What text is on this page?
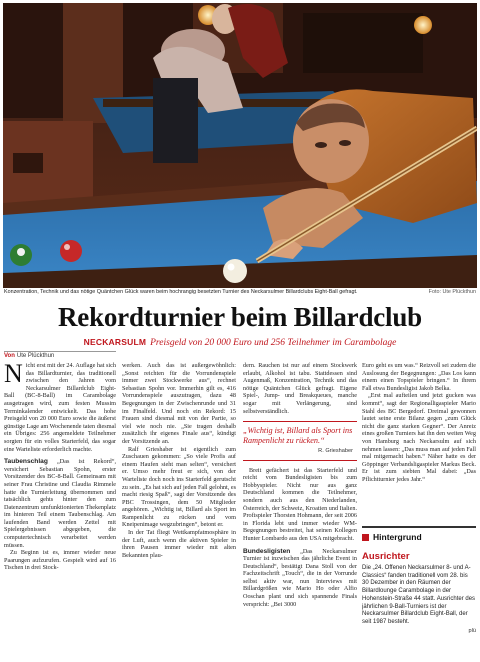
Konzentration, Technik und das nötige Quäntchen Glück waren beim hochrangig besetzten Turnier des Neckarsulmer Billardclubs Eight-Ball gefragt.	Foto: Ute Plückthun
Rekordturnier beim Billardclub
NECKARSULM Preisgeld von 20 000 Euro und 256 Teilnehmer im Carambolage
Von Ute Plückthun

Nicht erst mit der 24. Auflage hat sich das Billardturnier, das traditionell zwischen den Jahren vom Neckarsulmer Billardclub Eight-Ball (BC-8-Ball) im Carambolage ausgetragen wird, zum festen Mussim Terminkalender entwickelt. Das hohe Preisgeld von 20 000 Euro sowie die äußerst günstige Lage am Wochenende taten diesmal ein Übriges: 256 angemeldete Teilnehmer sorgten für ein volles Starterfeld, das sogar eine Warteliste erforderlich machte.

Taubenschlag „Das ist Rekord“, versichert Sebastian Spohn, erster Vorsitzender des BC-8-Ball. Gemeinsam mit seiner Frau Christine und Claudia Rimmele hatte die Turnierleitung übernommen und tatsächlich gehts hinter den zum Datenzentrum umfunktionierten Thekenplatz im hinteren Teil einem Taubenschlag. Am laufenden Band werden Zettel mit Spielergebnissen abgegeben, die computertechnisch verarbeitet werden müssen.

Zu Beginn ist es, immer wieder neue Paarungen aufzurufen. Gespielt wird auf 16 Tischen in drei Stock-

werken. Auch das ist außergewöhnlich: „Sonst reichten für die Vorrundenspiele immer zwei Stockwerke aus“, rechnet Sebastian Spohn vor. Immerhin gilt es, 416 Vorrundenspiele auszutragen, dazu 48 Begegnungen in der Zwischenrunde und 31 im Finalfeld. Und noch ein Rekord: 15 Frauen sind diesmal mit von der Partie, so viel wie noch nie. „Sie tragen deshalb zusätzlich ihr eigenes Finale aus“, kündigt der Vorsitzende an.

Ralf Grieshaber ist eigentlich zum Zuschauen gekommen: „So viele Profis auf einem Haufen sieht man selten“, versichert er. Umso mehr freut er sich, von der Warteliste doch noch ins Starterfeld gerutscht zu sein. „Es hat sich auf jeden Fall gelohnt, es macht riesig Spaß“, sagt der Vorsitzende des PBC Trossingen, dem 50 Mitglieder angehören. „Wichtig ist, Billard als Sport im Rampenlicht zu rücken und vom Kneipenimage wegzubringen“, betont er.

In der Tat fliegt Wettkampfatmosphäre in der Luft, auch wenn die aktiven Spieler in ihren Pausen immer wieder mit alten Bekannten plau-

dern. Rauchen ist nur auf einem Stockwerk erlaubt, Alkohol ist tabu. Stattdessen sind Augenmaß, Konzentration, Technik und das nötige Quäntchen Glück gefragt. Eigene Spiel-, Jump- und Breakqueues, manche sogar mit Verlängerung, sind selbstverständlich.

„Wichtig ist, Billard als Sport ins Rampenlicht zu rücken.“
R. Grieshaber

Breit gefächert ist das Starterfeld und reicht vom Bundesligisten bis zum Hobbyspieler. Nicht nur aus ganz Deutschland kommen die Teilnehmer, sondern auch aus den Niederlanden, Österreich, der Schweiz, Kroatien und Italien. Profispieler Thorsten Hohmann, der seit 2006 in Florida lebt und immer wieder WM-Begegnungen bestreitet, hat seinen Kollegen Hunter Lombardo aus den USA mitgebracht.

Bundesligisten „Das Neckarsulmer Turnier ist inzwischen das jährliche Event in Deutschland“, bestätigt Dana Stoll von der Fachzeitschrift „Touch“, die in der Vorrunde selbst aktiv war, nun Interviews mit Billardgrößen wie Mario Ho oder Alfio Ooschan plant und sich spannende Finals verspricht: „Bei 3000

Euro geht es um was.“ Reizvoll sei zudem die Auslosung der Begegnungen: „Das Los kann einem einen Topspieler bringen.“ In ihrem Fall etwa Bundesligist Jakob Belka.

„Erst mal aufteilen und jetzt gucken was kommt“, sagt der Regionalligaspieler Mario Stahl des BC Bergedorf. Dreimal gewonnen lautet seine erste Bilanz gegen „zum Glück nicht die ganz starken Gegner“. Der Anreiz eines großen Turniers hat ihn den weiten Weg von Hamburg nach Neckarsulm auf sich nehmen lassen: „Das muss man auf jeden Fall mal mitgemacht haben.“ Näher hatte es der Göppinger Verbandsligaspieler Markus Beck. Er ist zum siebten Mal dabei: „Das Pflichtturnier jedes Jahr.“

Hintergrund
Ausrichter
Die „24. Offenen Neckarsulmer 8- und A-Classics“ fanden traditionell vom 28. bis 30 Dezember in den Räumen der Billardlounge Carambolage in der Hohenstein-Straße 44 statt. Ausrichter des jährlichen 9-Ball-Turniers ist der Neckarsulmer Billardclub Eight-Ball, der seit 1987 besteht.
plü
